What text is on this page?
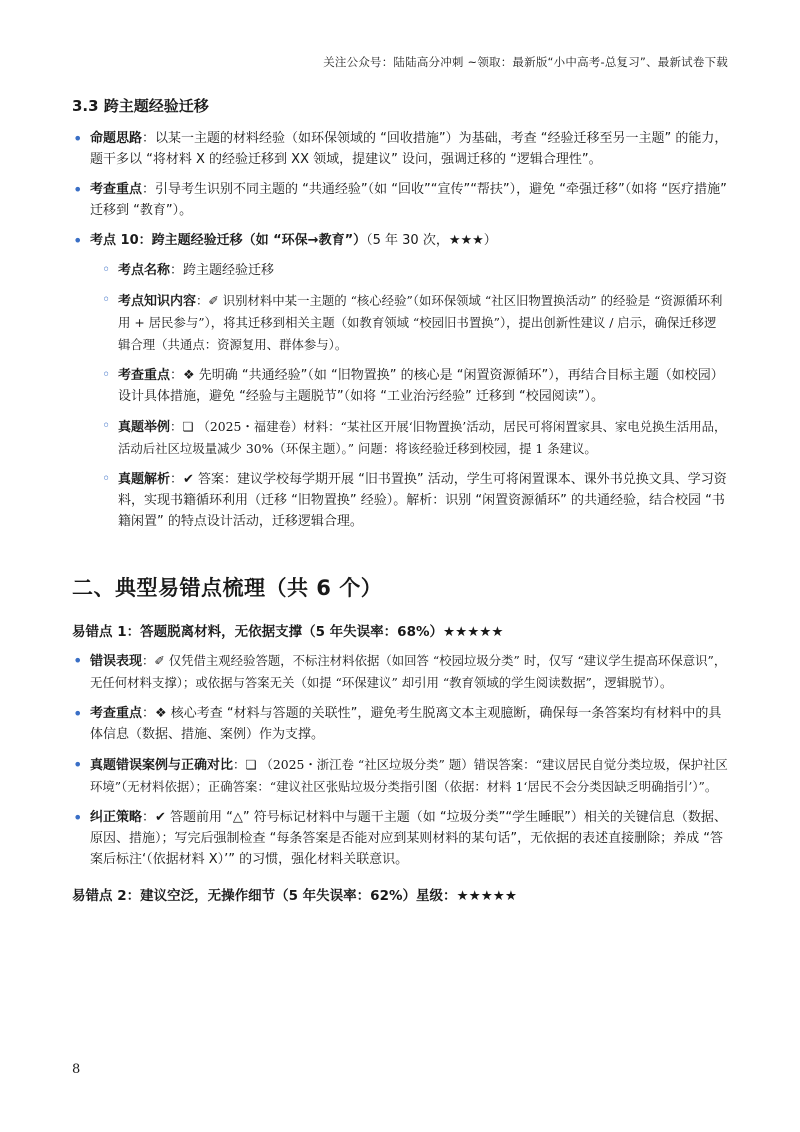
关注公众号：陆陆高分冲刺 ~领取：最新版“小中高考-总复习”、最新试卷下载
3.3 跨主题经验迁移
• 命题思路：以某一主题的材料经验（如环保领域的 “回收措施”）为基础，考查 “经验迁移至另一主题” 的能力，题干多以 “将材料 X 的经验迁移到 XX 领域，提建议” 设问，强调迁移的 “逻辑合理性”。
• 考查重点：引导考生识别不同主题的 “共通经验”（如 “回收”“宣传”“帮扶”），避免 “牵强迁移”（如将 “医疗措施” 迁移到 “教育”）。
• 考点 10：跨主题经验迁移（如 “环保→教育”）（5 年 30 次，★★★）
◦ 考点名称：跨主题经验迁移
◦ 考点知识内容：✐ 识别材料中某一主题的 “核心经验”（如环保领域 “社区旧物置换活动” 的经验是 “资源循环利用 + 居民参与”），将其迁移到相关主题（如教育领域 “校园旧书置换”），提出创新性建议 / 启示，确保迁移逻辑合理（共通点：资源复用、群体参与）。
◦ 考查重点：❖ 先明确 “共通经验”（如 “旧物置换” 的核心是 “闲置资源循环”），再结合目标主题（如校园）设计具体措施，避免 “经验与主题脱节”（如将 “工业治污经验” 迁移到 “校园阅读”）。
◦ 真题举例：❏ （2025・福建卷）材料：“某社区开展‘旧物置换’活动，居民可将闲置家具、家电兑换生活用品，活动后社区垃圾量减少 30%（环保主题）。” 问题：将该经验迁移到校园，提 1 条建议。
◦ 真题解析：✔ 答案：建议学校每学期开展 “旧书置换” 活动，学生可将闲置课本、课外书兑换文具、学习资料，实现书籍循环利用（迁移 “旧物置换” 经验）。解析：识别 “闲置资源循环” 的共通经验，结合校园 “书籍闲置” 的特点设计活动，迁移逻辑合理。
二、典型易错点梳理（共 6 个）
易错点 1：答题脱离材料，无依据支撑（5 年失误率：68%）★★★★★
• 错误表现：✐ 仅凭借主观经验答题，不标注材料依据（如回答 “校园垃圾分类” 时，仅写 “建议学生提高环保意识”，无任何材料支撑）；或依据与答案无关（如提 “环保建议” 却引用 “教育领域的学生阅读数据”，逻辑脱节）。
• 考查重点：❖ 核心考查 “材料与答题的关联性”，避免考生脱离文本主观臆断，确保每一条答案均有材料中的具体信息（数据、措施、案例）作为支撑。
• 真题错误案例与正确对比：❏ （2025・浙江卷 “社区垃圾分类” 题）错误答案：“建议居民自觉分类垃圾，保护社区环境”（无材料依据）；正确答案：“建议社区张贴垃圾分类指引图（依据：材料 1‘居民不会分类因缺乏明确指引’）”。
• 纠正策略：✔ 答题前用 “△” 符号标记材料中与题干主题（如 “垃圾分类”“学生睡眠”）相关的关键信息（数据、原因、措施）；写完后强制检查 “每条答案是否能对应到某则材料的某句话”，无依据的表述直接删除；养成 “答案后标注‘（依据材料 X）’” 的习惯，强化材料关联意识。
易错点 2：建议空泛，无操作细节（5 年失误率：62%）星级：★★★★★
8
